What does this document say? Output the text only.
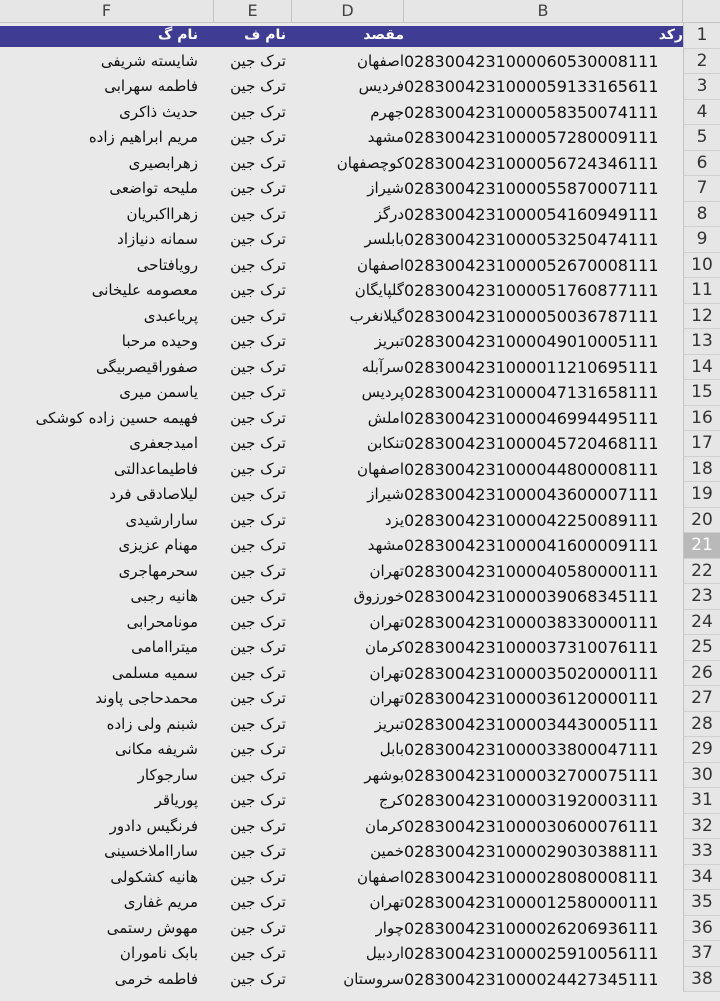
F	E	D	B
نام گ	نام ف	مقصد	رکد 1
شایسته شریفی	ترک جین	اصفهان 0283004231000060530008111	2
فاطمه سهرابی	ترک جین	فردیس 0283004231000059133165611	3
حدیث ذاکری	ترک جین	جهرم 0283004231000058350074111	4
مریم ابراهیم زاده	ترک جین	مشهد 0283004231000057280009111	5
زهرابصیری	ترک جین	کوچصفهان 0283004231000056724346111	6
ملیحه تواضعی	ترک جین	شیراز 0283004231000055870007111	7
زهرااکبریان	ترک جین	درگز 0283004231000054160949111	8
سمانه دنیازاد	ترک جین	بابلسر 0283004231000053250474111	9
رویافتاحی	ترک جین	اصفهان 0283004231000052670008111	10
معصومه علیخانی	ترک جین	گلپایگان 0283004231000051760877111	11
پریاعبدی	ترک جین	گیلانغرب 0283004231000050036787111	12
وحیده مرحبا	ترک جین	تبریز 0283004231000049010005111	13
صفوراقیصربیگی	ترک جین	سرآبله 0283004231000011210695111	14
یاسمن میری	ترک جین	پردیس 0283004231000047131658111	15
فهیمه حسین زاده کوشکی	ترک جین	املش 0283004231000046994495111	16
امیدجعفری	ترک جین	تنکابن 0283004231000045720468111	17
فاطیماعدالتی	ترک جین	اصفهان 0283004231000044800008111	18
لیلاصادقی فرد	ترک جین	شیراز 0283004231000043600007111	19
سارارشیدی	ترک جین	یزد 0283004231000042250089111	20
مهنام عزیزی	ترک جین	مشهد 0283004231000041600009111	21
سحرمهاجری	ترک جین	تهران 0283004231000040580000111	22
هانیه رجبی	ترک جین	خورزوق 0283004231000039068345111	23
مونامحرابی	ترک جین	تهران 0283004231000038330000111	24
میتراامامی	ترک جین	کرمان 0283004231000037310076111	25
سمیه مسلمی	ترک جین	تهران 0283004231000035020000111	26
محمدحاجی پاوند	ترک جین	تهران 0283004231000036120000111	27
شبنم ولی زاده	ترک جین	تبریز 0283004231000034430005111	28
شریفه مکانی	ترک جین	بابل 0283004231000033800047111	29
سارجوکار	ترک جین	بوشهر 0283004231000032700075111	30
پوریاقر	ترک جین	کرج 0283004231000031920003111	31
فرنگیس دادور	ترک جین	کرمان 0283004231000030600076111	32
سارااملاخسینی	ترک جین	خمین 0283004231000029030388111	33
هانیه کشکولی	ترک جین	اصفهان 0283004231000028080008111	34
مریم غفاری	ترک جین	تهران 0283004231000012580000111	35
مهوش رستمی	ترک جین	چوار 0283004231000026206936111	36
بابک ناموران	ترک جین	اردبیل 0283004231000025910056111	37
فاطمه خرمی	ترک جین	سروستان 0283004231000024427345111	38
